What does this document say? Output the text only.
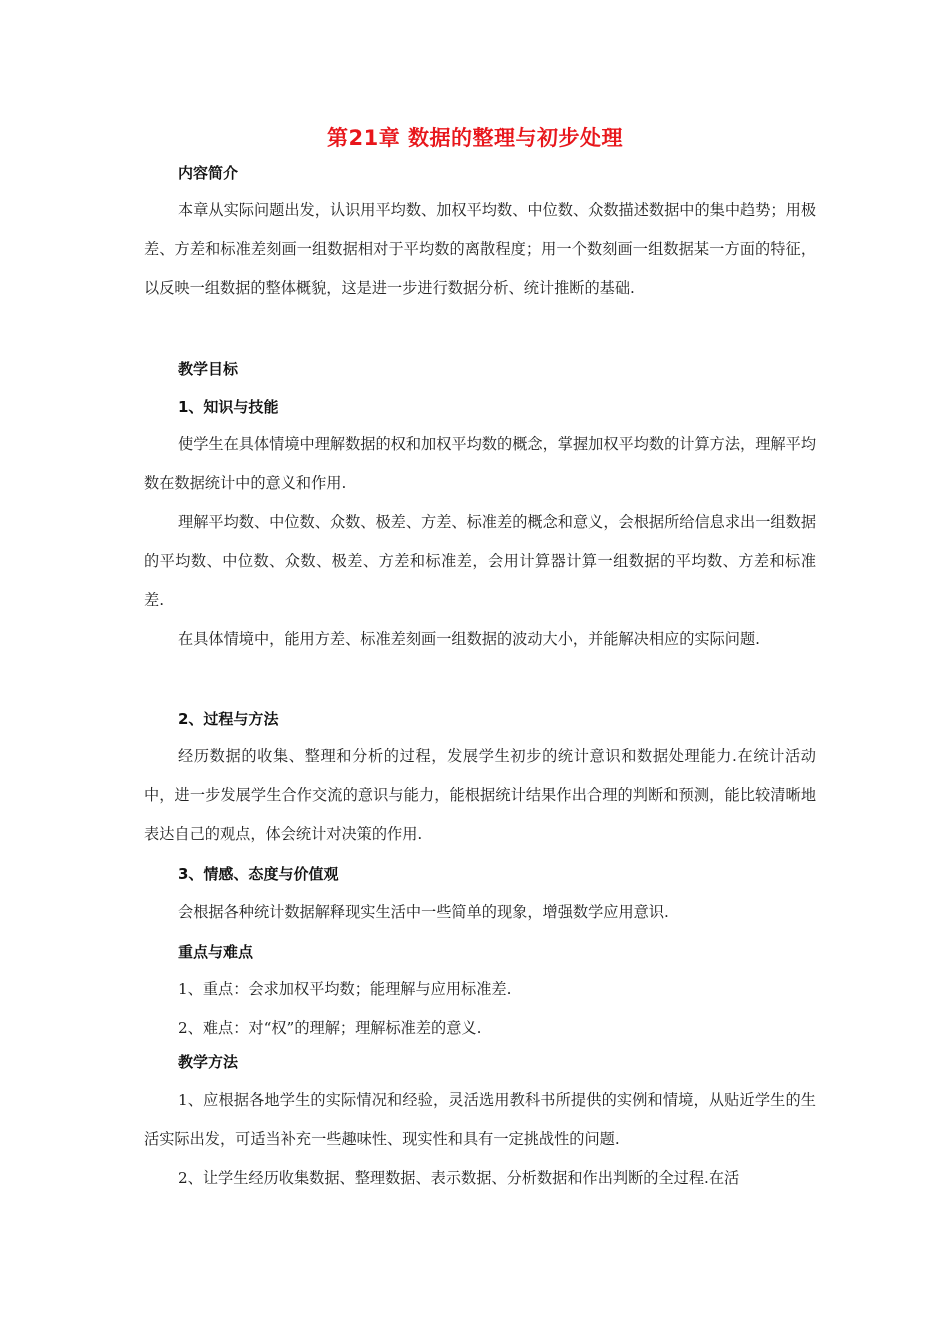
第21章 数据的整理与初步处理
内容简介

本章从实际问题出发，认识用平均数、加权平均数、中位数、众数描述数据中的集中趋势；用极差、方差和标准差刻画一组数据相对于平均数的离散程度；用一个数刻画一组数据某一方面的特征，以反映一组数据的整体概貌，这是进一步进行数据分析、统计推断的基础.

教学目标
1、知识与技能

使学生在具体情境中理解数据的权和加权平均数的概念，掌握加权平均数的计算方法，理解平均数在数据统计中的意义和作用.

理解平均数、中位数、众数、极差、方差、标准差的概念和意义，会根据所给信息求出一组数据的平均数、中位数、众数、极差、方差和标准差，会用计算器计算一组数据的平均数、方差和标准差.

在具体情境中，能用方差、标准差刻画一组数据的波动大小，并能解决相应的实际问题.

2、过程与方法

经历数据的收集、整理和分析的过程，发展学生初步的统计意识和数据处理能力.在统计活动中，进一步发展学生合作交流的意识与能力，能根据统计结果作出合理的判断和预测，能比较清晰地表达自己的观点，体会统计对决策的作用.

3、情感、态度与价值观

会根据各种统计数据解释现实生活中一些简单的现象，增强数学应用意识.

重点与难点

1、重点：会求加权平均数；能理解与应用标准差.

2、难点：对“权”的理解；理解标准差的意义.

教学方法

1、应根据各地学生的实际情况和经验，灵活选用教科书所提供的实例和情境，从贴近学生的生活实际出发，可适当补充一些趣味性、现实性和具有一定挑战性的问题.

2、让学生经历收集数据、整理数据、表示数据、分析数据和作出判断的全过程.在活
